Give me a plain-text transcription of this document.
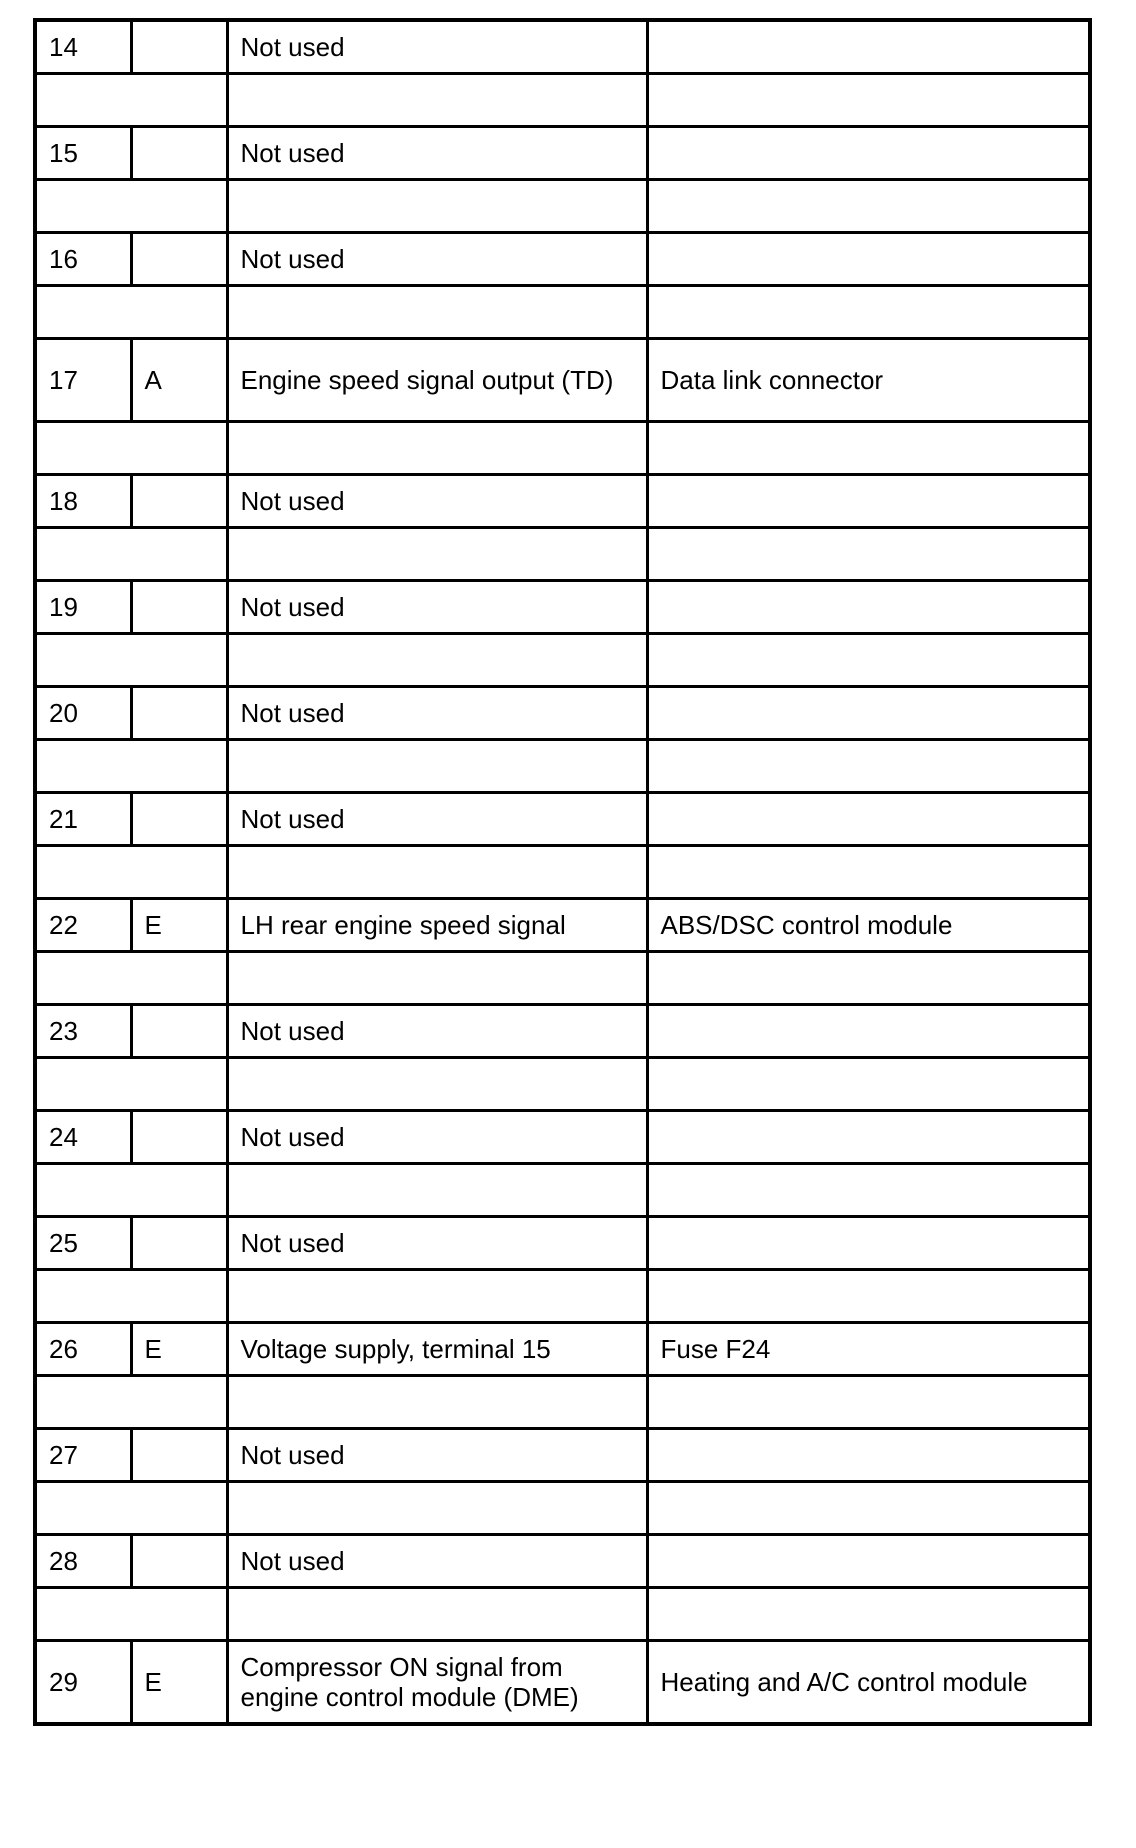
14		Not used	

15		Not used	

16		Not used	

17	A	Engine speed signal output (TD)	Data link connector

18		Not used	

19		Not used	

20		Not used	

21		Not used	

22	E	LH rear engine speed signal	ABS/DSC control module

23		Not used	

24		Not used	

25		Not used	

26	E	Voltage supply, terminal 15	Fuse F24

27		Not used	

28		Not used	

29	E	Compressor ON signal from engine control module (DME)	Heating and A/C control module
